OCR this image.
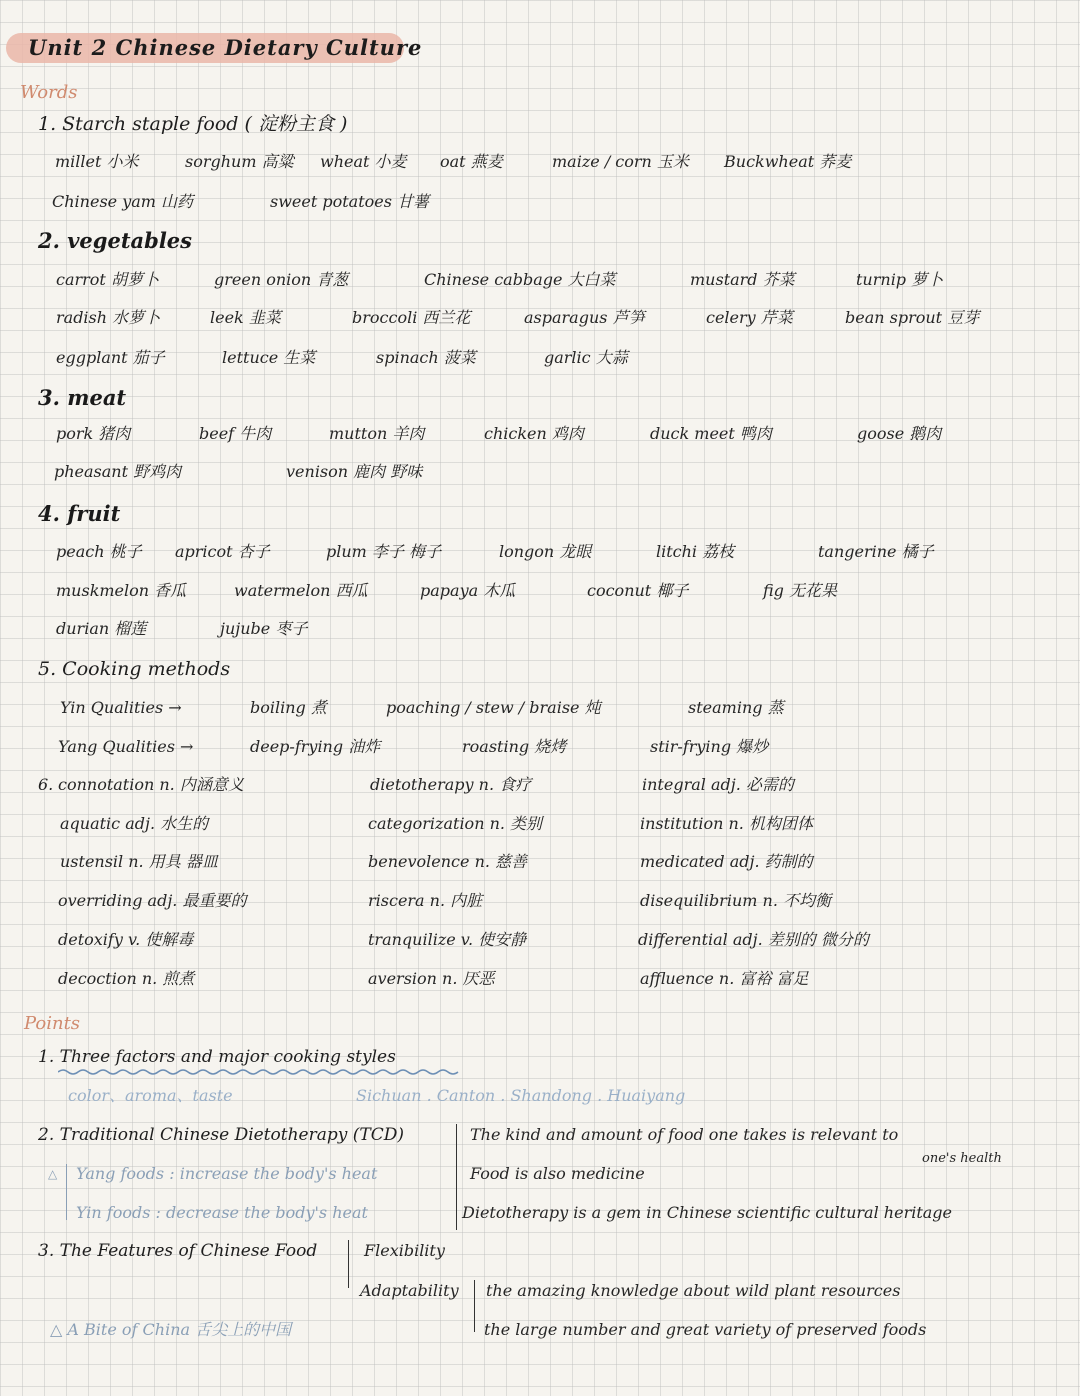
Unit 2 Chinese Dietary Culture
Words
1. Starch staple food ( 淀粉主食 )
millet 小米	sorghum 高粱 wheat 小麦 oat 燕麦	maize / corn 玉米 Buckwheat 荞麦
Chinese yam 山药	sweet potatoes 甘薯
2. vegetables
carrot 胡萝卜	green onion 青葱	Chinese cabbage 大白菜	mustard 芥菜	turnip 萝卜
radish 水萝卜	leek 韭菜	broccoli 西兰花	asparagus 芦笋	celery 芹菜	bean sprout 豆芽
eggplant 茄子	lettuce 生菜	spinach 菠菜	garlic 大蒜
3. meat
pork 猪肉	beef 牛肉	mutton 羊肉	chicken 鸡肉	duck meet 鸭肉	goose 鹅肉
pheasant 野鸡肉	venison 鹿肉 野味
4. fruit
peach 桃子 apricot 杏子	plum 李子 梅子	longon 龙眼	litchi 荔枝	tangerine 橘子
muskmelon 香瓜	watermelon 西瓜	papaya 木瓜	coconut 椰子	fig 无花果
durian 榴莲	jujube 枣子
5. Cooking methods
Yin Qualities →	boiling 煮	poaching / stew / braise 炖	steaming 蒸
Yang Qualities →	deep-frying 油炸	roasting 烧烤	stir-frying 爆炒
6. connotation n. 内涵意义	dietotherapy n. 食疗	integral adj. 必需的
aquatic adj. 水生的	categorization n. 类别	institution n. 机构团体
ustensil n. 用具 器皿	benevolence n. 慈善	medicated adj. 药制的
overriding adj. 最重要的	riscera n. 内脏	disequilibrium n. 不均衡
detoxify v. 使解毒	tranquilize v. 使安静	differential adj. 差别的 微分的
decoction n. 煎煮	aversion n. 厌恶	affluence n. 富裕 富足
Points
1. Three factors and major cooking styles
color、aroma、taste	Sichuan . Canton . Shandong . Huaiyang
2. Traditional Chinese Dietotherapy (TCD)	The kind and amount of food one takes is relevant to
one's health
Food is also medicine
Dietotherapy is a gem in Chinese scientific cultural heritage
△ Yang foods : increase the body's heat
Yin foods : decrease the body's heat
3. The Features of Chinese Food	Flexibility
Adaptability the amazing knowledge about wild plant resources
the large number and great variety of preserved foods
△ A Bite of China 舌尖上的中国
